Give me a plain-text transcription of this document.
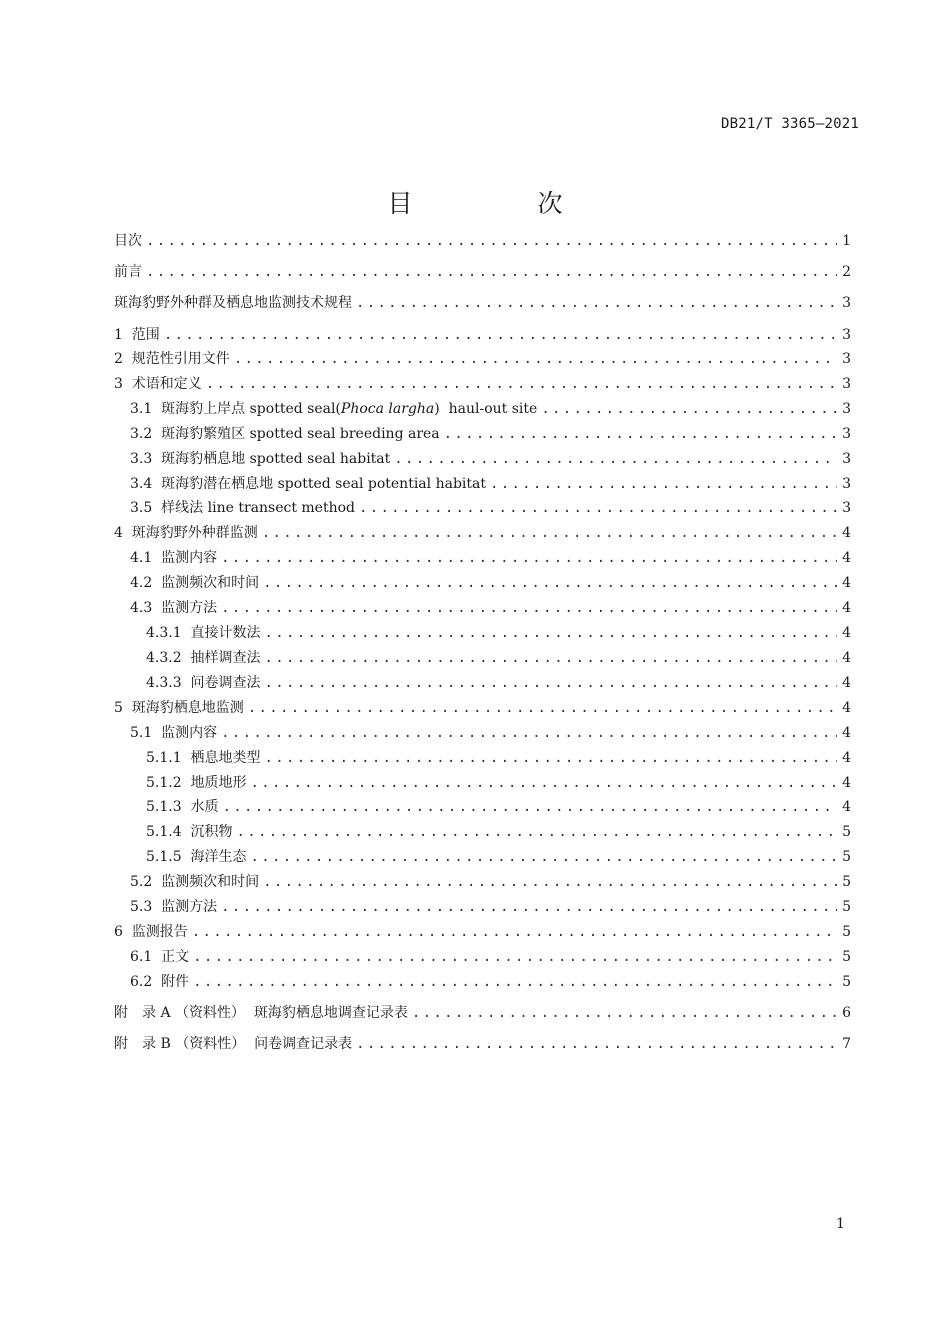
DB21/T 3365—2021
目　次
目次 .....	1
前言 .....	2
斑海豹野外种群及栖息地监测技术规程 .....	3
1  范围 .....	3
2  规范性引用文件 .....	3
3  术语和定义 .....	3
3.1  斑海豹上岸点 spotted seal(Phoca largha)  haul-out site .....	3
3.2  斑海豹繁殖区 spotted seal breeding area .....	3
3.3  斑海豹栖息地 spotted seal habitat .....	3
3.4  斑海豹潜在栖息地 spotted seal potential habitat .....	3
3.5  样线法 line transect method .....	3
4  斑海豹野外种群监测 .....	4
4.1  监测内容 .....	4
4.2  监测频次和时间 .....	4
4.3  监测方法 .....	4
4.3.1  直接计数法 .....	4
4.3.2  抽样调查法 .....	4
4.3.3  问卷调查法 .....	4
5  斑海豹栖息地监测 .....	4
5.1  监测内容 .....	4
5.1.1  栖息地类型 .....	4
5.1.2  地质地形 .....	4
5.1.3  水质 .....	4
5.1.4  沉积物 .....	5
5.1.5  海洋生态 .....	5
5.2  监测频次和时间 .....	5
5.3  监测方法 .....	5
6  监测报告 .....	5
6.1  正文 .....	5
6.2  附件 .....	5
附　录 A （资料性）  斑海豹栖息地调查记录表 .....	6
附　录 B （资料性）  问卷调查记录表 .....	7
1
